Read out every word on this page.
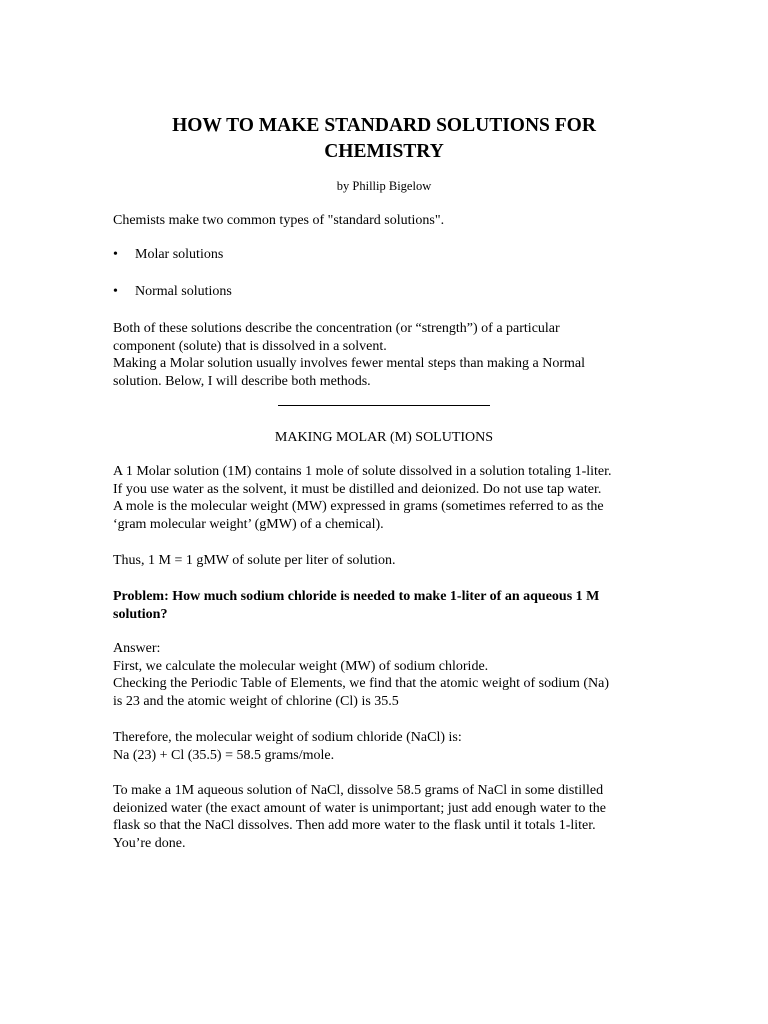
HOW TO MAKE STANDARD SOLUTIONS FOR
CHEMISTRY
by Phillip Bigelow
Chemists make two common types of "standard solutions".
• Molar solutions
• Normal solutions
Both of these solutions describe the concentration (or “strength”) of a particular
component (solute) that is dissolved in a solvent.
Making a Molar solution usually involves fewer mental steps than making a Normal
solution. Below, I will describe both methods.
MAKING MOLAR (M) SOLUTIONS
A 1 Molar solution (1M) contains 1 mole of solute dissolved in a solution totaling 1-liter.
If you use water as the solvent, it must be distilled and deionized. Do not use tap water.
A mole is the molecular weight (MW) expressed in grams (sometimes referred to as the
‘gram molecular weight’ (gMW) of a chemical).
Thus, 1 M = 1 gMW of solute per liter of solution.
Problem: How much sodium chloride is needed to make 1-liter of an aqueous 1 M
solution?
Answer:
First, we calculate the molecular weight (MW) of sodium chloride.
Checking the Periodic Table of Elements, we find that the atomic weight of sodium (Na)
is 23 and the atomic weight of chlorine (Cl) is 35.5
Therefore, the molecular weight of sodium chloride (NaCl) is:
Na (23) + Cl (35.5) = 58.5 grams/mole.
To make a 1M aqueous solution of NaCl, dissolve 58.5 grams of NaCl in some distilled
deionized water (the exact amount of water is unimportant; just add enough water to the
flask so that the NaCl dissolves. Then add more water to the flask until it totals 1-liter.
You’re done.
